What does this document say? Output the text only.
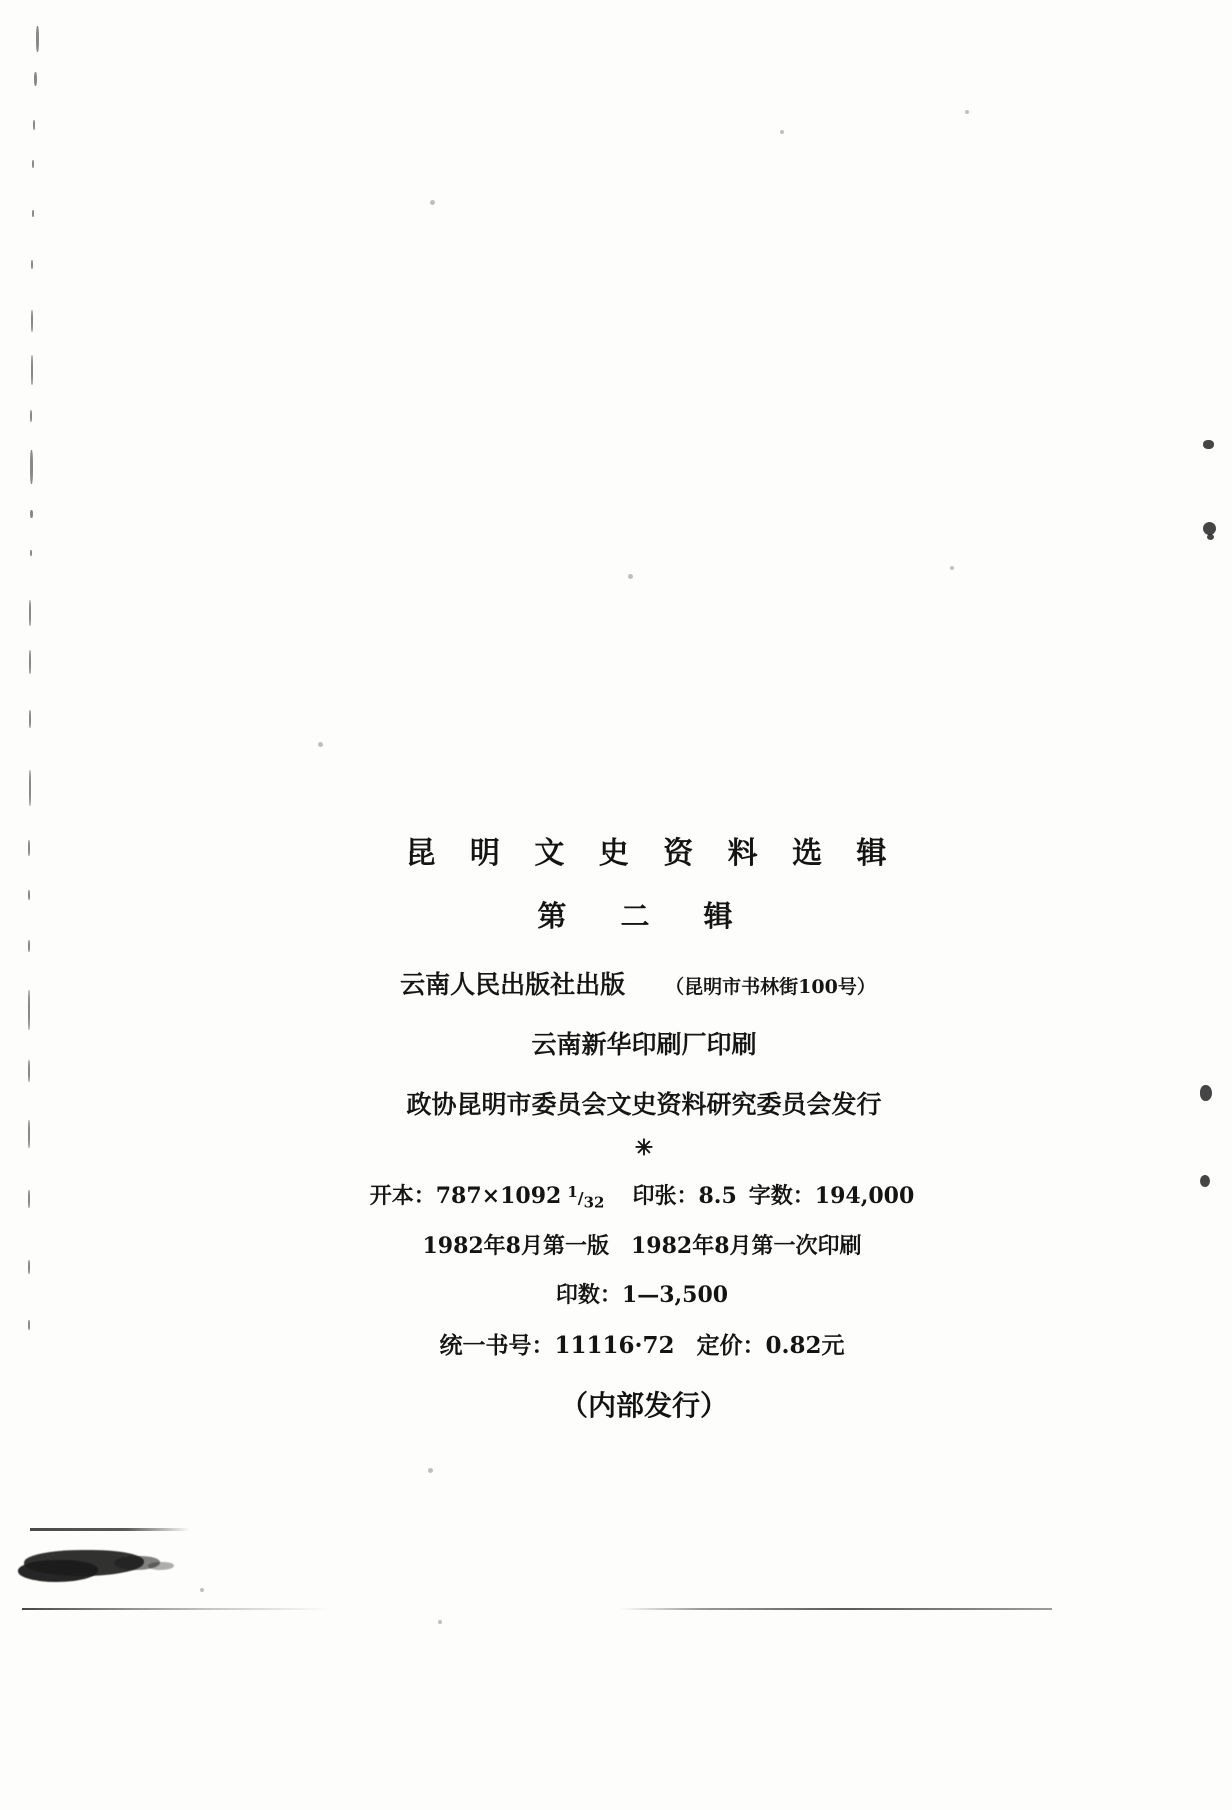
昆 明 文 史 资 料 选 辑
第 二 辑
云南人民出版社出版 （昆明市书林街100号）
云南新华印刷厂印刷
政协昆明市委员会文史资料研究委员会发行
✳
开本：787×1092 $^1/_{32}$ 印张：8.5 字数：194,000
1982年8月第一版 1982年8月第一次印刷
印数：1—3,500
统一书号：11116·72 定价：0.82元
（内部发行）
